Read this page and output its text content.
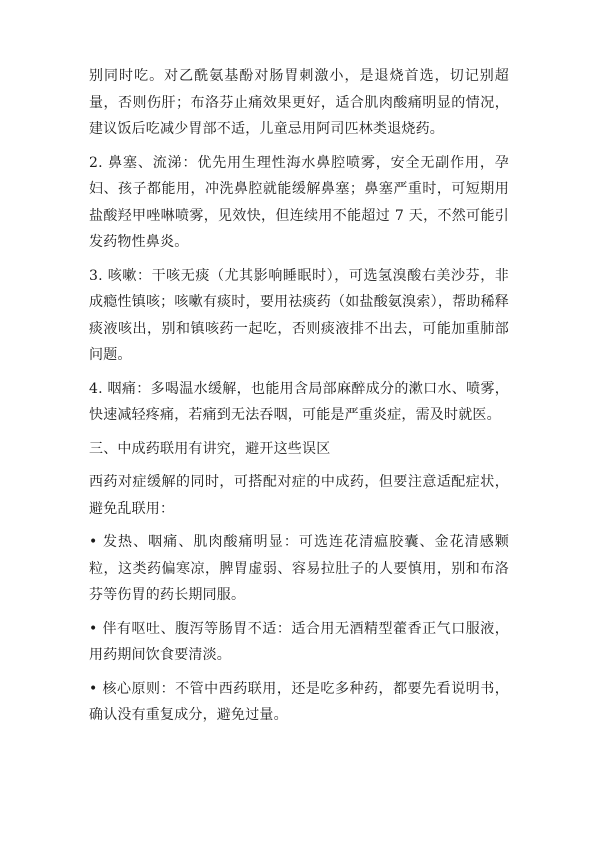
别同时吃。对乙酰氨基酚对肠胃刺激小，是退烧首选，切记别超量，否则伤肝；布洛芬止痛效果更好，适合肌肉酸痛明显的情况，建议饭后吃减少胃部不适，儿童忌用阿司匹林类退烧药。

2. 鼻塞、流涕：优先用生理性海水鼻腔喷雾，安全无副作用，孕妇、孩子都能用，冲洗鼻腔就能缓解鼻塞；鼻塞严重时，可短期用盐酸羟甲唑啉喷雾，见效快，但连续用不能超过 7 天，不然可能引发药物性鼻炎。

3. 咳嗽：干咳无痰（尤其影响睡眠时），可选氢溴酸右美沙芬，非成瘾性镇咳；咳嗽有痰时，要用祛痰药（如盐酸氨溴索），帮助稀释痰液咳出，别和镇咳药一起吃，否则痰液排不出去，可能加重肺部问题。

4. 咽痛：多喝温水缓解，也能用含局部麻醉成分的漱口水、喷雾，快速减轻疼痛，若痛到无法吞咽，可能是严重炎症，需及时就医。

三、中成药联用有讲究，避开这些误区

西药对症缓解的同时，可搭配对症的中成药，但要注意适配症状，避免乱联用：

• 发热、咽痛、肌肉酸痛明显：可选连花清瘟胶囊、金花清感颗粒，这类药偏寒凉，脾胃虚弱、容易拉肚子的人要慎用，别和布洛芬等伤胃的药长期同服。

• 伴有呕吐、腹泻等肠胃不适：适合用无酒精型藿香正气口服液，用药期间饮食要清淡。

• 核心原则：不管中西药联用，还是吃多种药，都要先看说明书，确认没有重复成分，避免过量。
